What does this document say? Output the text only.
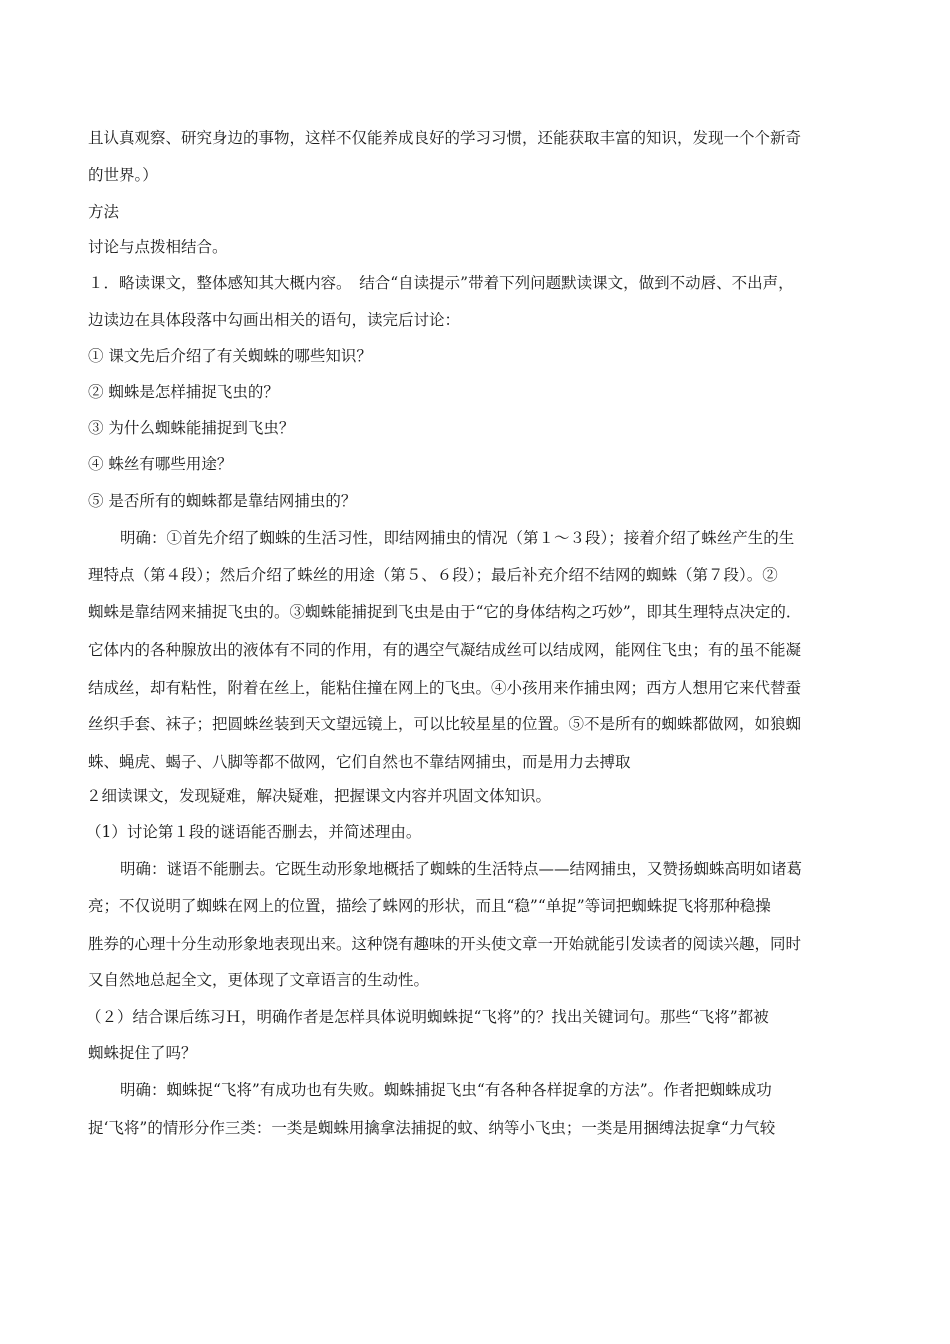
且认真观察、研究身边的事物，这样不仅能养成良好的学习习惯，还能获取丰富的知识，发现一个个新奇
的世界。）
方法
讨论与点拨相结合。
１．略读课文，整体感知其大概内容。　结合“自读提示”带着下列问题默读课文，做到不动唇、不出声，
边读边在具体段落中勾画出相关的语句，读完后讨论：
① 课文先后介绍了有关蜘蛛的哪些知识？
② 蜘蛛是怎样捕捉飞虫的？
③ 为什么蜘蛛能捕捉到飞虫？
④ 蛛丝有哪些用途？
⑤ 是否所有的蜘蛛都是靠结网捕虫的？
明确：①首先介绍了蜘蛛的生活习性，即结网捕虫的情况（第１～３段）；接着介绍了蛛丝产生的生
理特点（第４段）；然后介绍了蛛丝的用途（第５、６段）；最后补充介绍不结网的蜘蛛（第７段）。②
蜘蛛是靠结网来捕捉飞虫的。③蜘蛛能捕捉到飞虫是由于“它的身体结构之巧妙”，即其生理特点决定的．
它体内的各种腺放出的液体有不同的作用，有的遇空气凝结成丝可以结成网，能网住飞虫；有的虽不能凝
结成丝，却有粘性，附着在丝上，能粘住撞在网上的飞虫。④小孩用来作捕虫网；西方人想用它来代替蚕
丝织手套、袜子；把圆蛛丝装到天文望远镜上，可以比较星星的位置。⑤不是所有的蜘蛛都做网，如狼蜘
蛛、蝇虎、蝎子、八脚等都不做网，它们自然也不靠结网捕虫，而是用力去搏取
２细读课文，发现疑难，解决疑难，把握课文内容并巩固文体知识。
（1）讨论第１段的谜语能否删去，并简述理由。
明确：谜语不能删去。它既生动形象地概括了蜘蛛的生活特点——结网捕虫，又赞扬蜘蛛高明如诸葛
亮；不仅说明了蜘蛛在网上的位置，描绘了蛛网的形状，而且“稳”“单捉”等词把蜘蛛捉飞将那种稳操
胜券的心理十分生动形象地表现出来。这种饶有趣味的开头使文章一开始就能引发读者的阅读兴趣，同时
又自然地总起全文，更体现了文章语言的生动性。
（２）结合课后练习Ｈ，明确作者是怎样具体说明蜘蛛捉“飞将”的？找出关键词句。那些“飞将”都被
蜘蛛捉住了吗？
明确：蜘蛛捉“飞将”有成功也有失败。蜘蛛捕捉飞虫“有各种各样捉拿的方法”。作者把蜘蛛成功
捉‘飞将”的情形分作三类：一类是蜘蛛用擒拿法捕捉的蚊、纳等小飞虫；一类是用捆缚法捉拿“力气较
